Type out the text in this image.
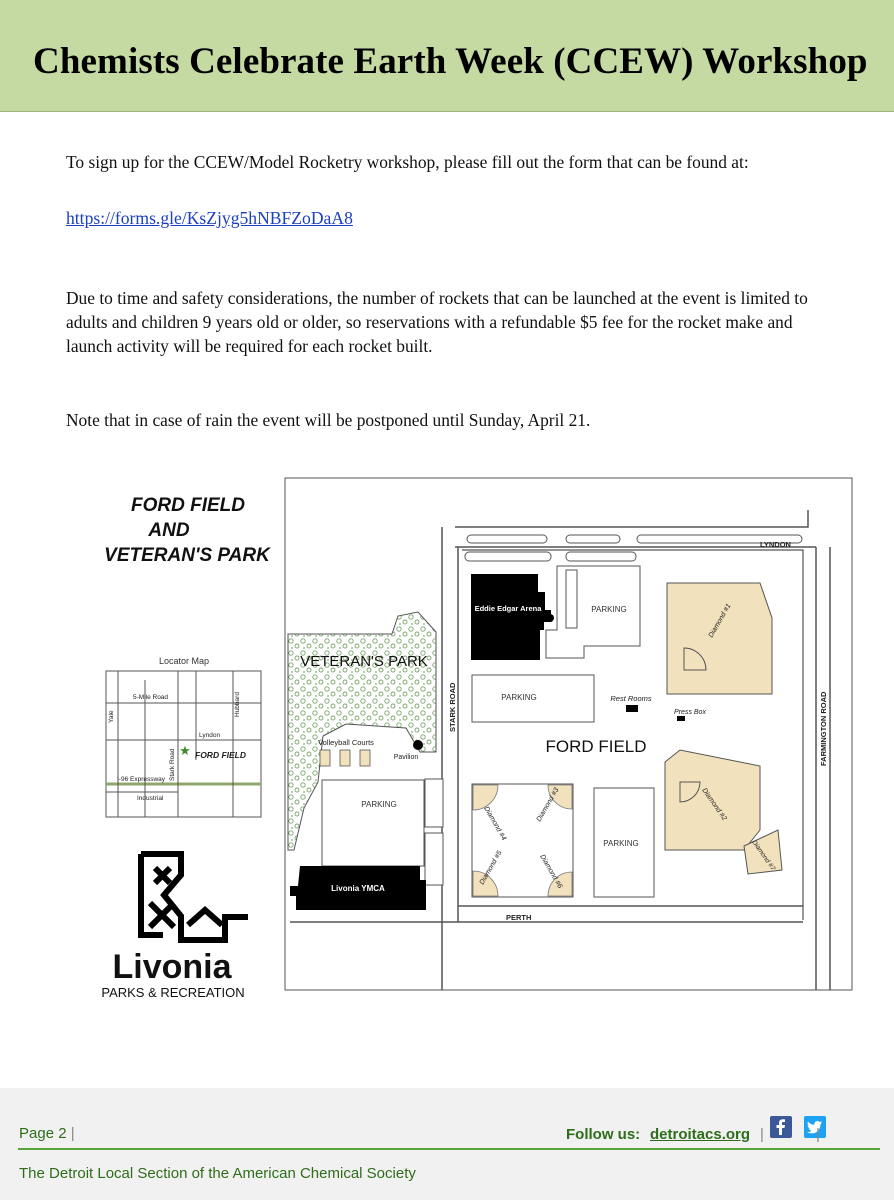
Chemists Celebrate Earth Week (CCEW) Workshop

To sign up for the CCEW/Model Rocketry workshop, please fill out the form that can be found at:

https://forms.gle/KsZjyg5hNBFZoDaA8

Due to time and safety considerations, the number of rockets that can be launched at the event is limited to adults and children 9 years old or older, so reservations with a refundable $5 fee for the rocket make and launch activity will be required for each rocket built.

Note that in case of rain the event will be postponed until Sunday, April 21.

FORD FIELD
AND
VETERAN'S PARK
Locator Map
5-Mile Road
Yale	Hubbard
Lyndon
Stark Road
I-96 Expressway
Industrial
★ FORD FIELD
Livonia
PARKS & RECREATION
VETERAN'S PARK
Volleyball Courts
Pavilion
PARKING
Livonia YMCA
Eddie Edgar Arena	PARKING
PARKING	Rest Rooms
Press Box
FORD FIELD
Diamond #4
Diamond #3
Diamond #5	Diamond #6
PARKING
Diamond #1
Diamond #2
Diamond #7
LYNDON
FARMINGTON ROAD
STARK ROAD
PERTH
Page 2 |	Follow us: detroitacs.org |	|
The Detroit Local Section of the American Chemical Society
